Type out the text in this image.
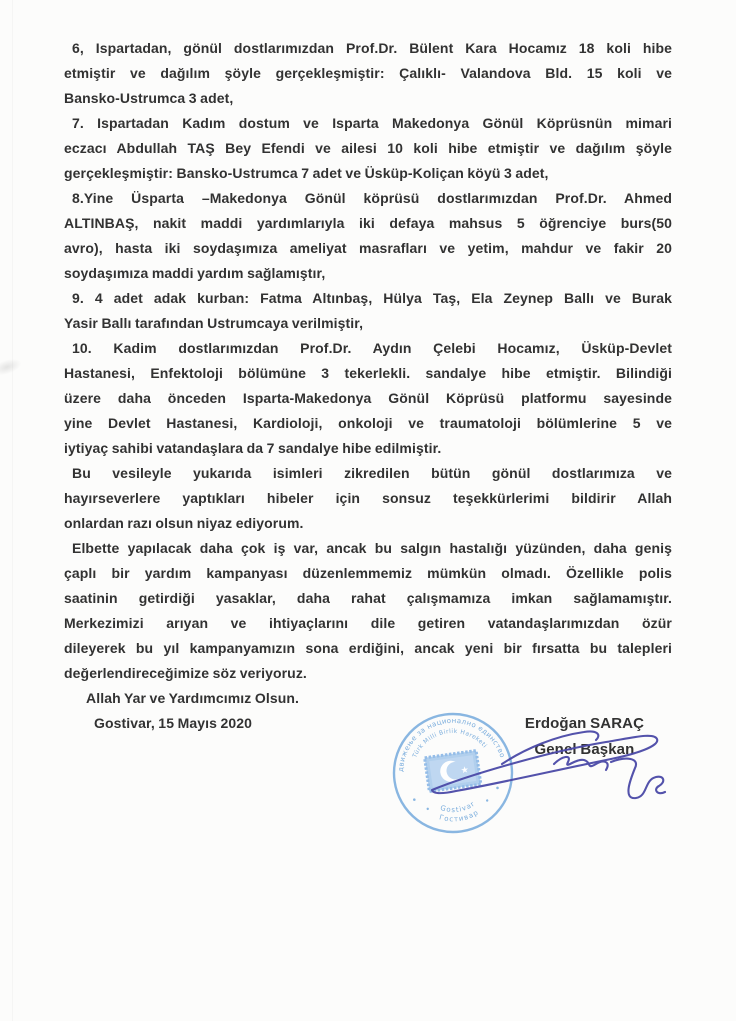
6, Ispartadan, gönül dostlarımızdan Prof.Dr. Bülent Kara Hocamız 18 koli hibe
etmiştir ve dağılım şöyle gerçekleşmiştir: Çalıklı- Valandova Bld. 15 koli ve
Bansko-Ustrumca 3 adet,
7. Ispartadan Kadım dostum ve Isparta Makedonya Gönül Köprüsnün mimari
eczacı Abdullah TAŞ Bey Efendi ve ailesi 10 koli hibe etmiştir ve dağılım şöyle
gerçekleşmiştir: Bansko-Ustrumca 7 adet ve Üsküp-Koliçan köyü 3 adet,
8.Yine Üsparta –Makedonya Gönül köprüsü dostlarımızdan Prof.Dr. Ahmed
ALTINBAŞ, nakit maddi yardımlarıyla iki defaya mahsus 5 öğrenciye burs(50
avro), hasta iki soydaşımıza ameliyat masrafları ve yetim, mahdur ve fakir 20
soydaşımıza maddi yardım sağlamıştır,
9. 4 adet adak kurban: Fatma Altınbaş, Hülya Taş, Ela Zeynep Ballı ve Burak
Yasir Ballı tarafından Ustrumcaya verilmiştir,
10. Kadim dostlarımızdan Prof.Dr. Aydın Çelebi Hocamız, Üsküp-Devlet
Hastanesi, Enfektoloji bölümüne 3 tekerlekli. sandalye hibe etmiştir. Bilindiği
üzere daha önceden Isparta-Makedonya Gönül Köprüsü platformu sayesinde
yine Devlet Hastanesi, Kardioloji, onkoloji ve traumatoloji bölümlerine 5 ve
iytiyaç sahibi vatandaşlara da 7 sandalye hibe edilmiştir.
Bu vesileyle yukarıda isimleri zikredilen bütün gönül dostlarımıza ve
hayırseverlere yaptıkları hibeler için sonsuz teşekkürlerimi bildirir Allah
onlardan razı olsun niyaz ediyorum.
Elbette yapılacak daha çok iş var, ancak bu salgın hastalığı yüzünden, daha geniş
çaplı bir yardım kampanyası düzenlemmemiz mümkün olmadı. Özellikle polis
saatinin getirdiği yasaklar, daha rahat çalışmamıza imkan sağlamamıştır.
Merkezimizi arıyan ve ihtiyaçlarını dile getiren vatandaşlarımızdan özür
dileyerek bu yıl kampanyamızın sona erdiğini, ancak yeni bir fırsatta bu talepleri
değerlendireceğimize söz veriyoruz.
Allah Yar ve Yardımcımız Olsun.
Gostivar, 15 Mayıs 2020	Erdoğan SARAÇ
Genel Başkan
★
движење за национално единство
Türk Milli Birlik Hareketi
Gostivar
Гостивар
